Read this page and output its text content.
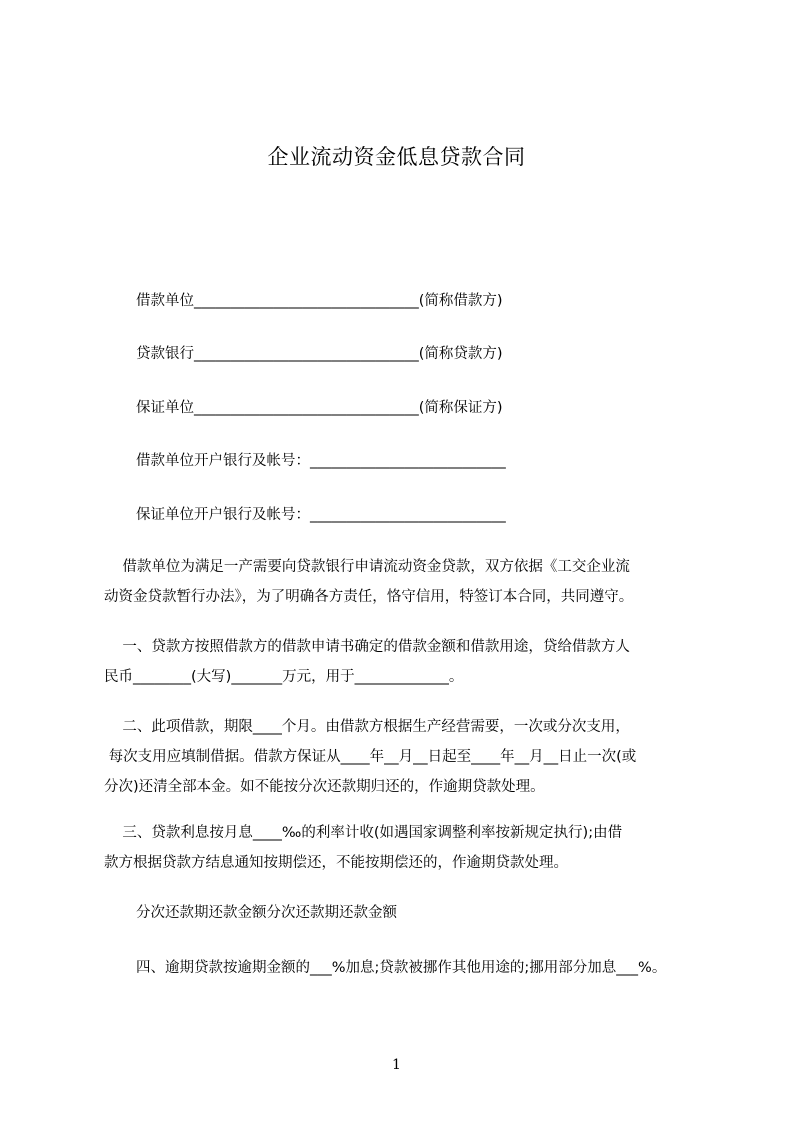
企业流动资金低息贷款合同
借款单位_______________________________(简称借款方)
贷款银行_______________________________(简称贷款方)
保证单位_______________________________(简称保证方)
借款单位开户银行及帐号：___________________________
保证单位开户银行及帐号：___________________________

借款单位为满足一产需要向贷款银行申请流动资金贷款，双方依据《工交企业流

动资金贷款暂行办法》，为了明确各方责任，恪守信用，特签订本合同，共同遵守。

一、贷款方按照借款方的借款申请书确定的借款金额和借款用途，贷给借款方人

民币________(大写)_______万元，用于_____________。

二、此项借款，期限____个月。由借款方根据生产经营需要，一次或分次支用，

每次支用应填制借据。借款方保证从____年__月__日起至____年__月__日止一次(或

分次)还清全部本金。如不能按分次还款期归还的，作逾期贷款处理。

三、贷款利息按月息____‰的利率计收(如遇国家调整利率按新规定执行);由借

款方根据贷款方结息通知按期偿还，不能按期偿还的，作逾期贷款处理。

分次还款期还款金额分次还款期还款金额
四、逾期贷款按逾期金额的___%加息;贷款被挪作其他用途的;挪用部分加息___%。
1
